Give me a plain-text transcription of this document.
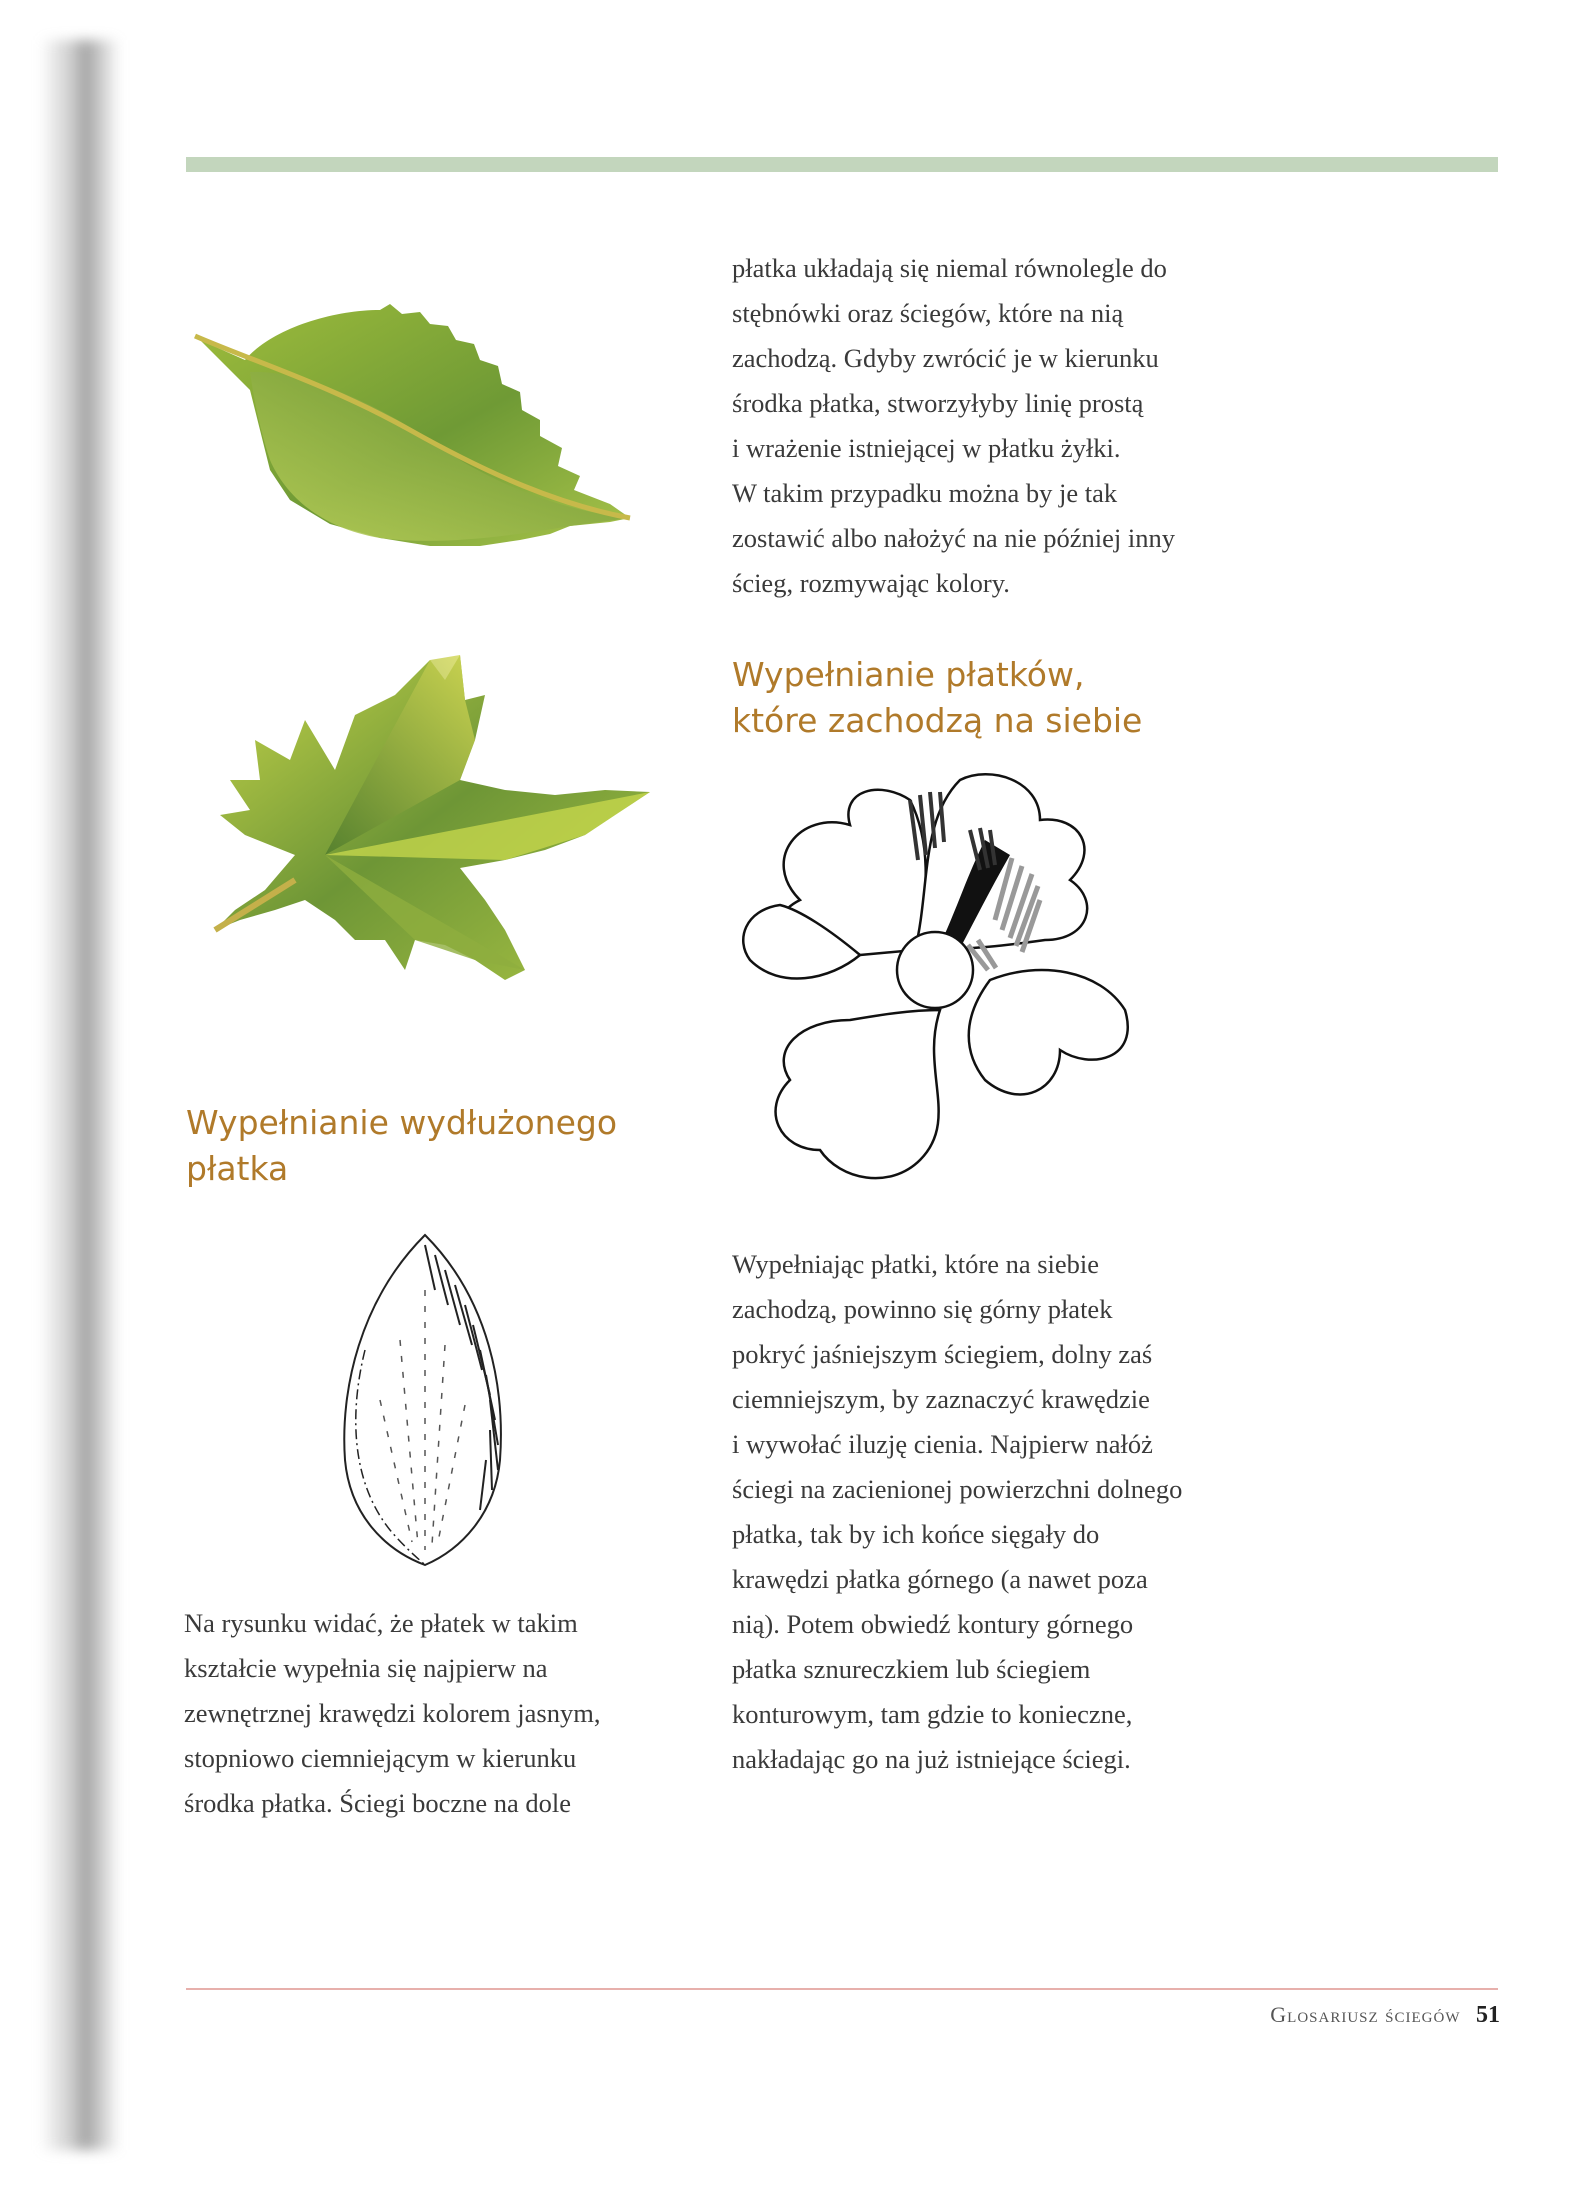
płatka układają się niemal równolegle do

stębnówki oraz ściegów, które na nią

zachodzą. Gdyby zwrócić je w kierunku

środka płatka, stworzyłyby linię prostą

i wrażenie istniejącej w płatku żyłki.

W takim przypadku można by je tak

zostawić albo nałożyć na nie później inny

ścieg, rozmywając kolory.

Wypełnianie płatków,
które zachodzą na siebie

Wypełniając płatki, które na siebie

zachodzą, powinno się górny płatek

pokryć jaśniejszym ściegiem, dolny zaś

ciemniejszym, by zaznaczyć krawędzie

i wywołać iluzję cienia. Najpierw nałóż

ściegi na zacienionej powierzchni dolnego

płatka, tak by ich końce sięgały do

krawędzi płatka górnego (a nawet poza

nią). Potem obwiedź kontury górnego

płatka sznureczkiem lub ściegiem

konturowym, tam gdzie to konieczne,

nakładając go na już istniejące ściegi.

Wypełnianie wydłużonego
płatka

Na rysunku widać, że płatek w takim

kształcie wypełnia się najpierw na

zewnętrznej krawędzi kolorem jasnym,

stopniowo ciemniejącym w kierunku

środka płatka. Ściegi boczne na dole

Glosariusz ściegów 51
